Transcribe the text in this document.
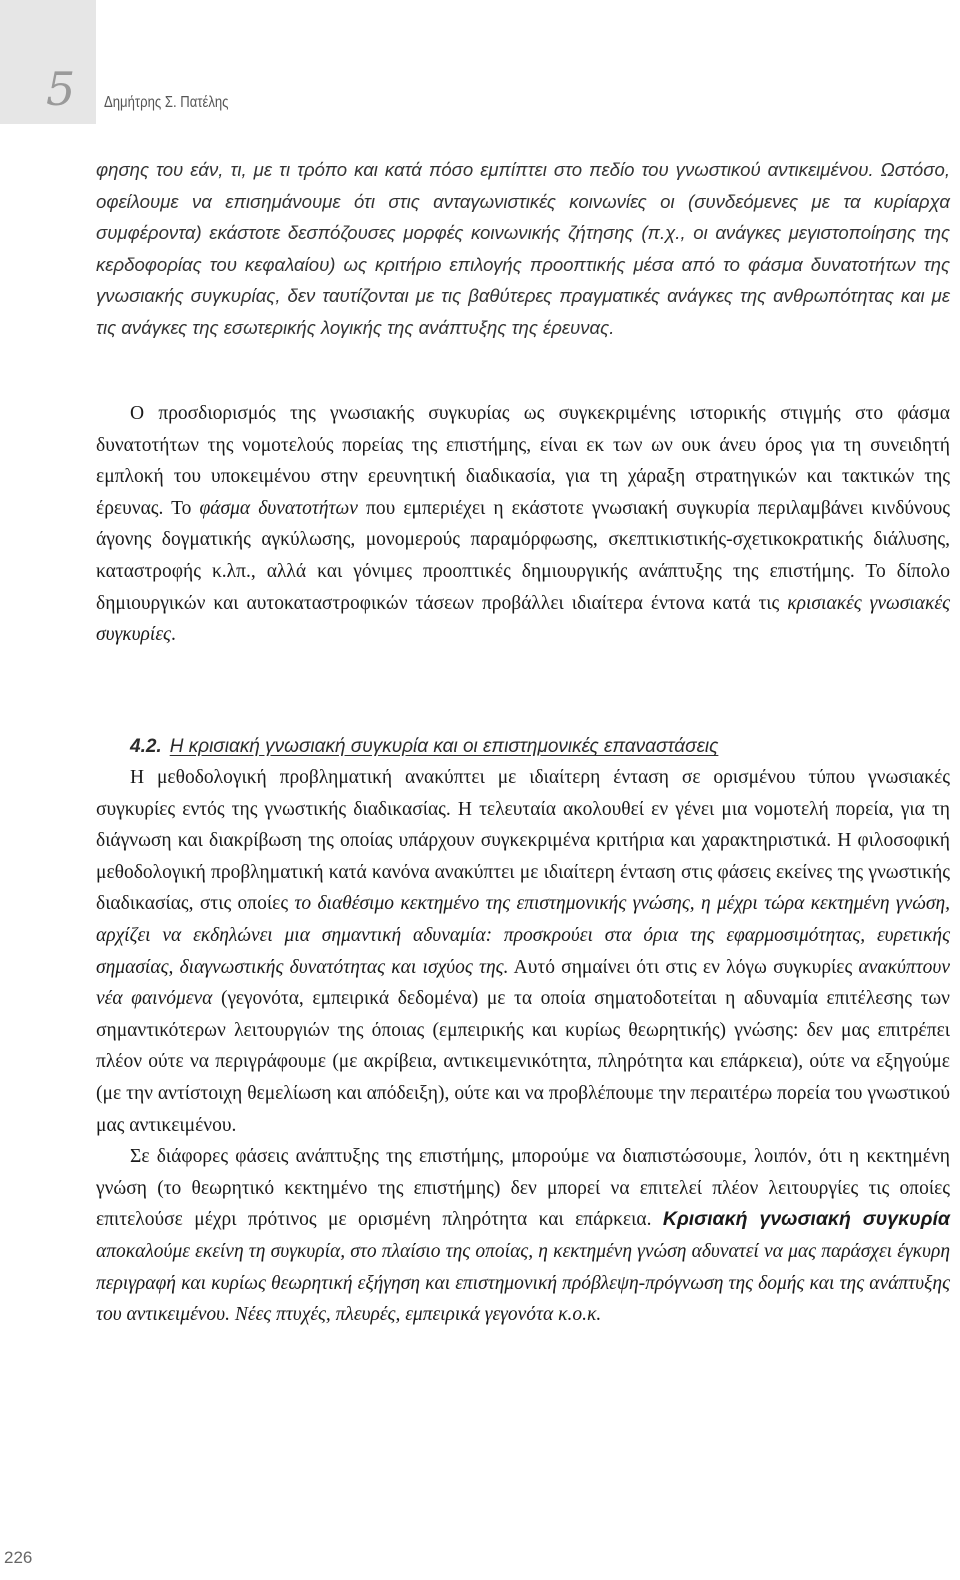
5 Δημήτρης Σ. Πατέλης

φησης του εάν, τι, με τι τρόπο και κατά πόσο εμπίπτει στο πεδίο του γνωστικού αντικειμένου. Ωστόσο, οφείλουμε να επισημάνουμε ότι στις ανταγωνιστικές κοινωνίες οι (συνδεόμενες με τα κυρίαρχα συμφέροντα) εκάστοτε δεσπόζουσες μορφές κοινωνικής ζήτησης (π.χ., οι ανάγκες μεγιστοποίησης της κερδοφορίας του κεφαλαίου) ως κριτήριο επιλογής προοπτικής μέσα από το φάσμα δυνατοτήτων της γνωσιακής συγκυρίας, δεν ταυτίζονται με τις βαθύτερες πραγματικές ανάγκες της ανθρωπότητας και με τις ανάγκες της εσωτερικής λογικής της ανάπτυξης της έρευνας.

Ο προσδιορισμός της γνωσιακής συγκυρίας ως συγκεκριμένης ιστορικής στιγμής στο φάσμα δυνατοτήτων της νομοτελούς πορείας της επιστήμης, είναι εκ των ων ουκ άνευ όρος για τη συνειδητή εμπλοκή του υποκειμένου στην ερευνητική διαδικασία, για τη χάραξη στρατηγικών και τακτικών της έρευνας. Το φάσμα δυνατοτήτων που εμπεριέχει η εκάστοτε γνωσιακή συγκυρία περιλαμβάνει κινδύνους άγονης δογματικής αγκύλωσης, μονομερούς παραμόρφωσης, σκεπτικιστικής-σχετικοκρατικής διάλυσης, καταστροφής κ.λπ., αλλά και γόνιμες προοπτικές δημιουργικής ανάπτυξης της επιστήμης. Το δίπολο δημιουργικών και αυτοκαταστροφικών τάσεων προβάλλει ιδιαίτερα έντονα κατά τις κρισιακές γνωσιακές συγκυρίες.

4.2. Η κρισιακή γνωσιακή συγκυρία και οι επιστημονικές επαναστάσεις

Η μεθοδολογική προβληματική ανακύπτει με ιδιαίτερη ένταση σε ορισμένου τύπου γνωσιακές συγκυρίες εντός της γνωστικής διαδικασίας. Η τελευταία ακολουθεί εν γένει μια νομοτελή πορεία, για τη διάγνωση και διακρίβωση της οποίας υπάρχουν συγκεκριμένα κριτήρια και χαρακτηριστικά. Η φιλοσοφική μεθοδολογική προβληματική κατά κανόνα ανακύπτει με ιδιαίτερη ένταση στις φάσεις εκείνες της γνωστικής διαδικασίας, στις οποίες το διαθέσιμο κεκτημένο της επιστημονικής γνώσης, η μέχρι τώρα κεκτημένη γνώση, αρχίζει να εκδηλώνει μια σημαντική αδυναμία: προσκρούει στα όρια της εφαρμοσιμότητας, ευρετικής σημασίας, διαγνωστικής δυνατότητας και ισχύος της. Αυτό σημαίνει ότι στις εν λόγω συγκυρίες ανακύπτουν νέα φαινόμενα (γεγονότα, εμπειρικά δεδομένα) με τα οποία σηματοδοτείται η αδυναμία επιτέλεσης των σημαντικότερων λειτουργιών της όποιας (εμπειρικής και κυρίως θεωρητικής) γνώσης: δεν μας επιτρέπει πλέον ούτε να περιγράφουμε (με ακρίβεια, αντικειμενικότητα, πληρότητα και επάρκεια), ούτε να εξηγούμε (με την αντίστοιχη θεμελίωση και απόδειξη), ούτε και να προβλέπουμε την περαιτέρω πορεία του γνωστικού μας αντικειμένου.

Σε διάφορες φάσεις ανάπτυξης της επιστήμης, μπορούμε να διαπιστώσουμε, λοιπόν, ότι η κεκτημένη γνώση (το θεωρητικό κεκτημένο της επιστήμης) δεν μπορεί να επιτελεί πλέον λειτουργίες τις οποίες επιτελούσε μέχρι πρότινος με ορισμένη πληρότητα και επάρκεια. Κρισιακή γνωσιακή συγκυρία αποκαλούμε εκείνη τη συγκυρία, στο πλαίσιο της οποίας, η κεκτημένη γνώση αδυνατεί να μας παράσχει έγκυρη περιγραφή και κυρίως θεωρητική εξήγηση και επιστημονική πρόβλεψη-πρόγνωση της δομής και της ανάπτυξης του αντικειμένου. Νέες πτυχές, πλευρές, εμπειρικά γεγονότα κ.ο.κ.

226
